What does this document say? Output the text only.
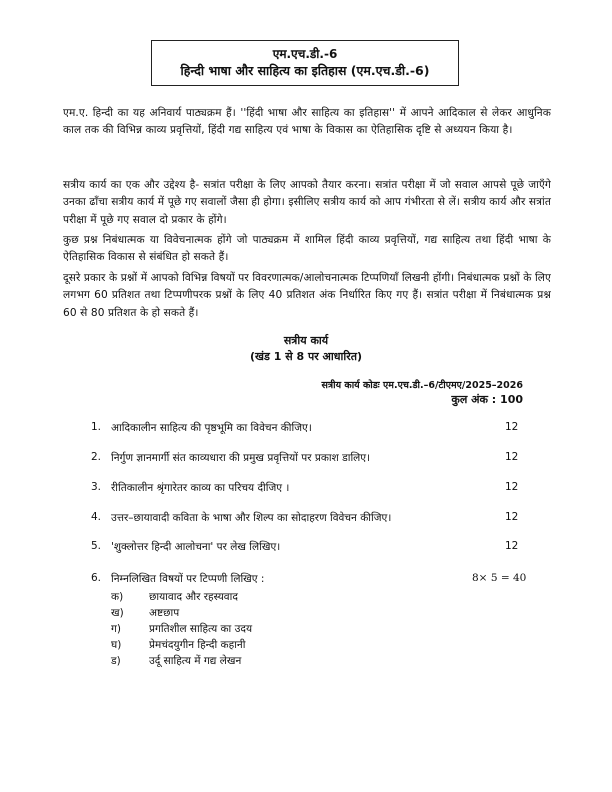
एम.एच.डी.-6
हिन्दी भाषा और साहित्य का इतिहास (एम.एच.डी.-6)

एम.ए. हिन्दी का यह अनिवार्य पाठ्यक्रम हैं। ''हिंदी भाषा और साहित्य का इतिहास'' में आपने आदिकाल से लेकर आधुनिक काल तक की विभिन्न काव्य प्रवृत्तियों, हिंदी गद्य साहित्य एवं भाषा के विकास का ऐतिहासिक दृष्टि से अध्ययन किया है।

सत्रीय कार्य का एक और उद्देश्य है- सत्रांत परीक्षा के लिए आपको तैयार करना। सत्रांत परीक्षा में जो सवाल आपसे पूछे जाएँगे उनका ढाँचा सत्रीय कार्य में पूछे गए सवालों जैसा ही होगा। इसीलिए सत्रीय कार्य को आप गंभीरता से लें। सत्रीय कार्य और सत्रांत परीक्षा में पूछे गए सवाल दो प्रकार के होंगे।

कुछ प्रश्न निबंधात्मक या विवेचनात्मक होंगे जो पाठ्यक्रम में शामिल हिंदी काव्य प्रवृत्तियों, गद्य साहित्य तथा हिंदी भाषा के ऐतिहासिक विकास से संबंधित हो सकते हैं।

दूसरे प्रकार के प्रश्नों में आपको विभिन्न विषयों पर विवरणात्मक/आलोचनात्मक टिप्पणियाँ लिखनी होंगी। निबंधात्मक प्रश्नों के लिए लगभग 60 प्रतिशत तथा टिप्पणीपरक प्रश्नों के लिए 40 प्रतिशत अंक निर्धारित किए गए हैं। सत्रांत परीक्षा में निबंधात्मक प्रश्न 60 से 80 प्रतिशत के हो सकते हैं।

सत्रीय कार्य
(खंड 1 से 8 पर आधारित)
सत्रीय कार्य कोडः एम.एच.डी.–6/टीएमए/2025–2026
कुल अंक : 100
1. आदिकालीन साहित्य की पृष्ठभूमि का विवेचन कीजिए।	12
2. निर्गुण ज्ञानमार्गी संत काव्यधारा की प्रमुख प्रवृत्तियों पर प्रकाश डालिए।	12
3. रीतिकालीन श्रृंगारेतर काव्य का परिचय दीजिए ।	12
4. उत्तर–छायावादी कविता के भाषा और शिल्प का सोदाहरण विवेचन कीजिए।	12
5. 'शुक्लोत्तर हिन्दी आलोचना' पर लेख लिखिए।	12
6. निम्नलिखित विषयों पर टिप्पणी लिखिए :	8× 5 = 40
क) छायावाद और रहस्यवाद
ख) अष्टछाप
ग)	प्रगतिशील साहित्य का उदय
घ)	प्रेमचंदयुगीन हिन्दी कहानी
ड)	उर्दू साहित्य में गद्य लेखन
